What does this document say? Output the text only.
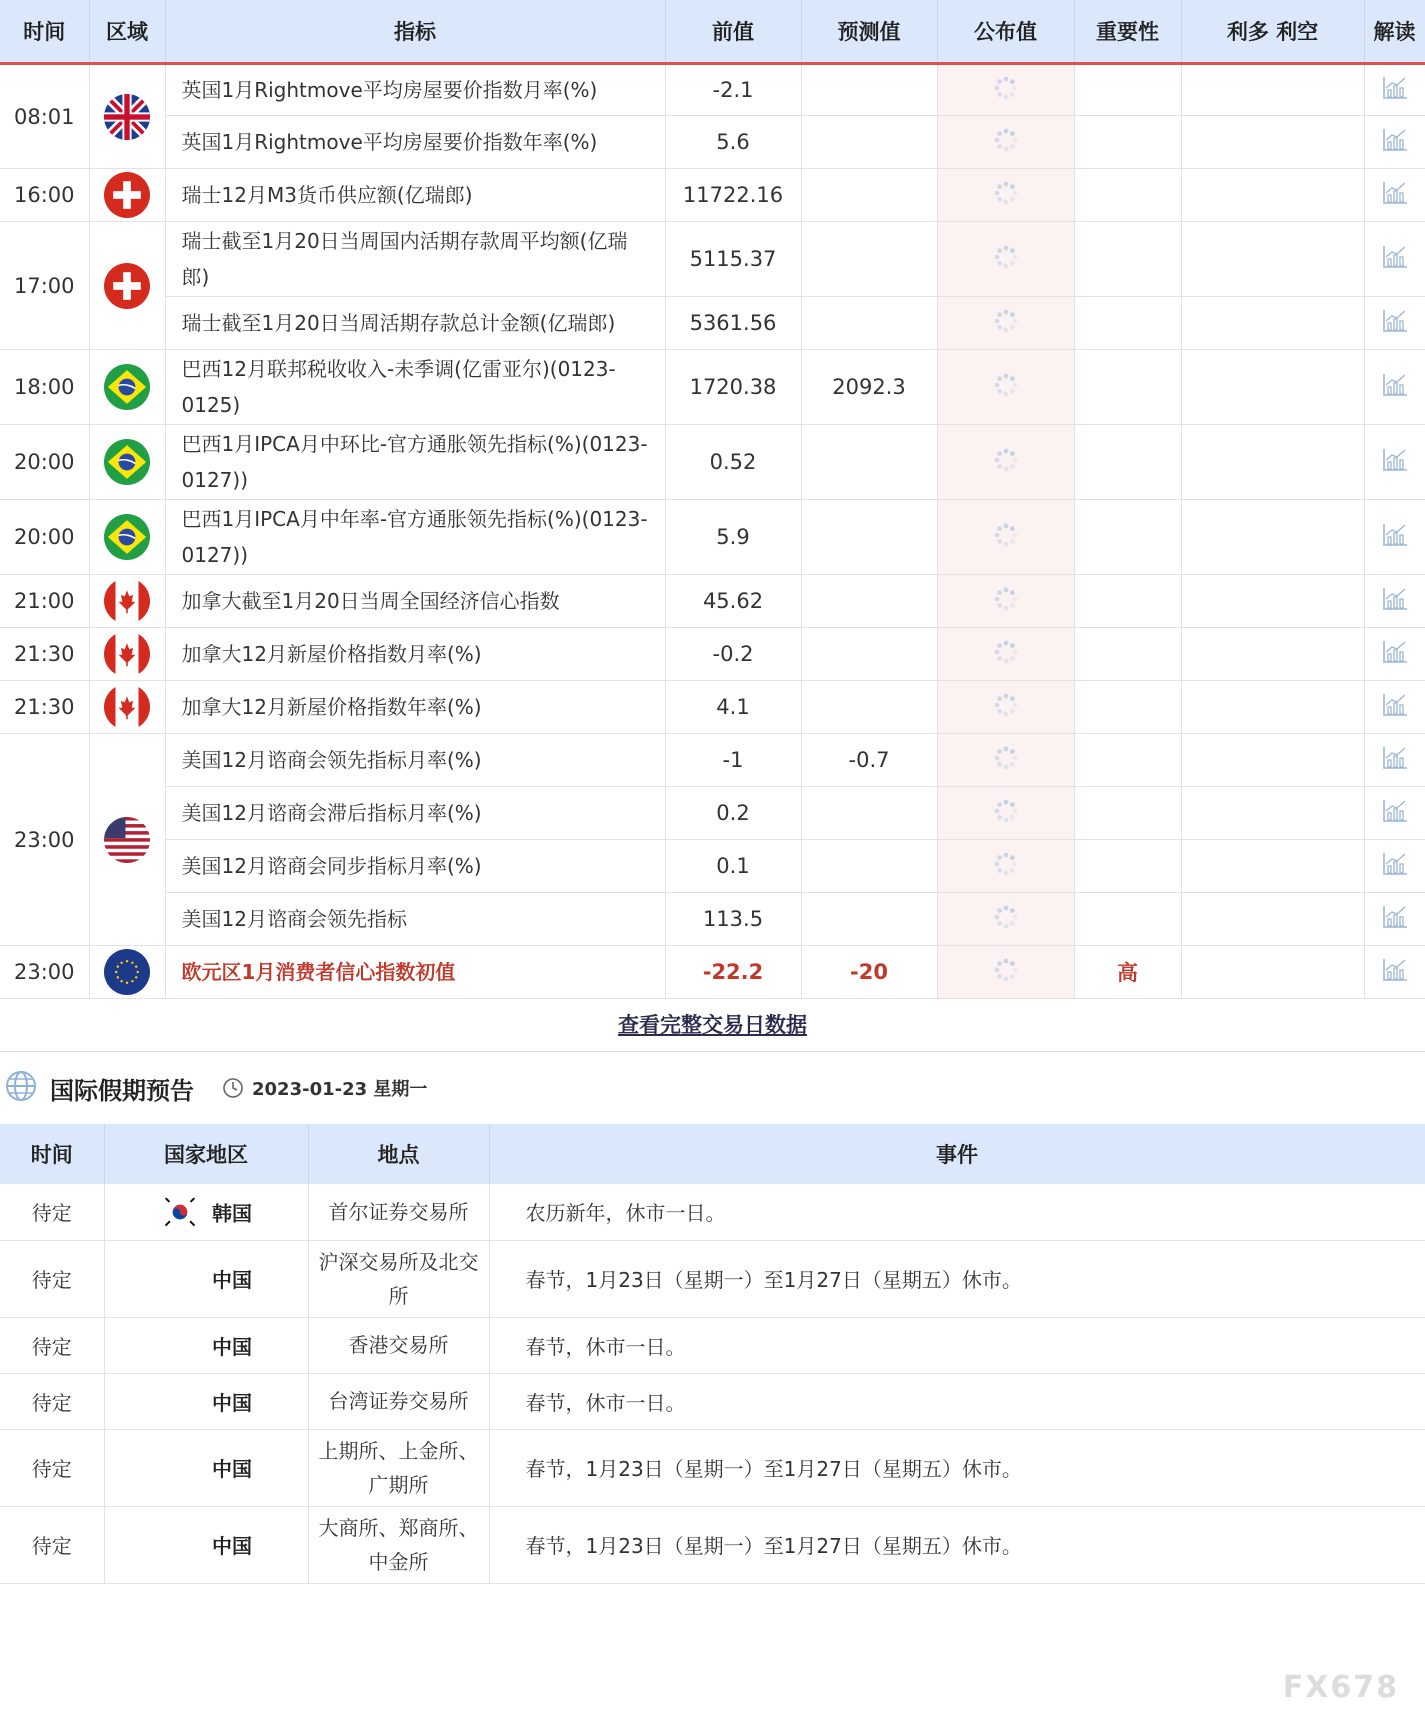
时间	区域	指标	前值	预测值	公布值	重要性	利多 利空	解读
08:01		英国1月Rightmove平均房屋要价指数月率(%)	-2.1					
		英国1月Rightmove平均房屋要价指数年率(%)	5.6					
16:00		瑞士12月M3货币供应额(亿瑞郎)	11722.16					
17:00		瑞士截至1月20日当周国内活期存款周平均额(亿瑞郎)	5115.37					
		瑞士截至1月20日当周活期存款总计金额(亿瑞郎)	5361.56					
18:00		巴西12月联邦税收收入-未季调(亿雷亚尔)(0123-0125)	1720.38	2092.3				
20:00		巴西1月IPCA月中环比-官方通胀领先指标(%)(0123-0127))	0.52					
20:00		巴西1月IPCA月中年率-官方通胀领先指标(%)(0123-0127))	5.9					
21:00		加拿大截至1月20日当周全国经济信心指数	45.62					
21:30		加拿大12月新屋价格指数月率(%)	-0.2					
21:30		加拿大12月新屋价格指数年率(%)	4.1					
23:00		美国12月谘商会领先指标月率(%)	-1	-0.7				
		美国12月谘商会滞后指标月率(%)	0.2					
		美国12月谘商会同步指标月率(%)	0.1					
		美国12月谘商会领先指标	113.5					
23:00		欧元区1月消费者信心指数初值	-22.2	-20		高		
查看完整交易日数据
国际假期预告	2023-01-23 星期一
时间	国家地区	地点	事件
待定	韩国	首尔证券交易所	农历新年，休市一日。
待定	中国	沪深交易所及北交所	春节，1月23日（星期一）至1月27日（星期五）休市。
待定	中国	香港交易所	春节，休市一日。
待定	中国	台湾证券交易所	春节，休市一日。
待定	中国	上期所、上金所、广期所	春节，1月23日（星期一）至1月27日（星期五）休市。
待定	中国	大商所、郑商所、中金所	春节，1月23日（星期一）至1月27日（星期五）休市。
FX678
